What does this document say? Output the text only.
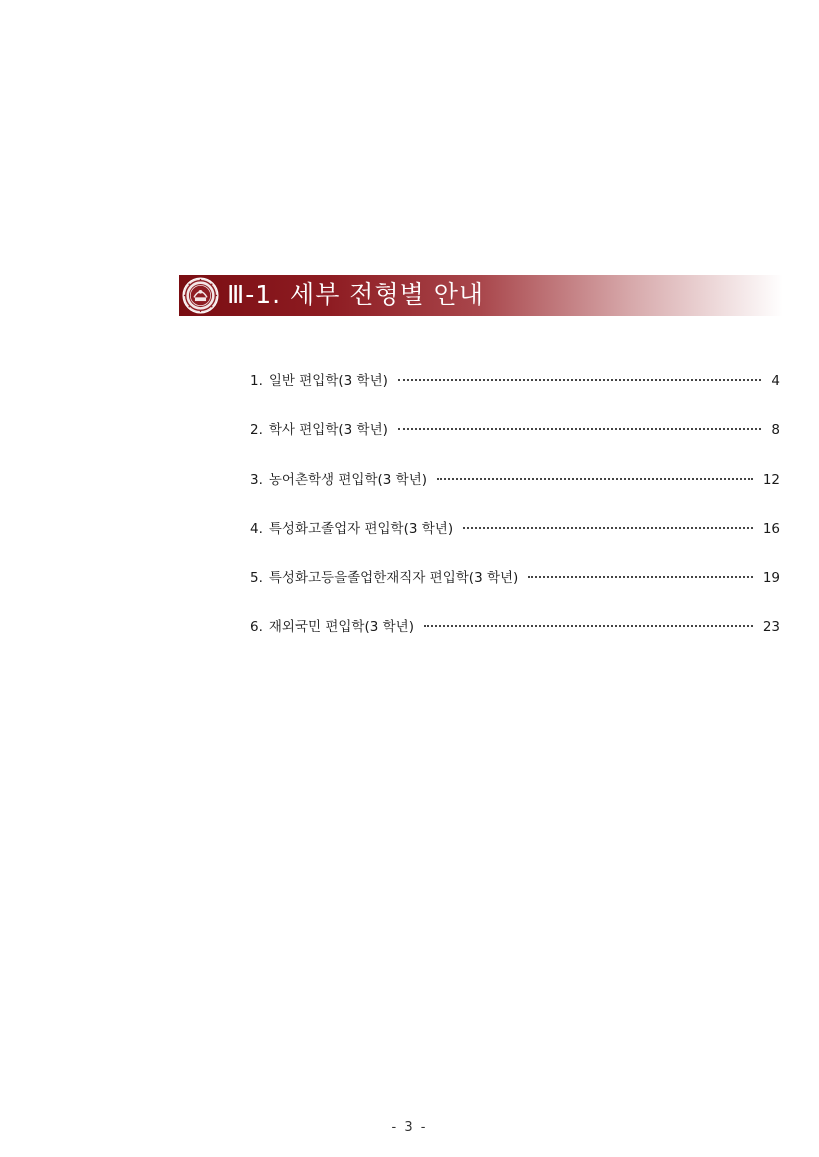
Ⅲ-1. 세부 전형별 안내
1. 일반 편입학(3 학년)	4
2. 학사 편입학(3 학년)	8
3. 농어촌학생 편입학(3 학년)	12
4. 특성화고졸업자 편입학(3 학년)	16
5. 특성화고등을졸업한재직자 편입학(3 학년)	19
6. 재외국민 편입학(3 학년)	23
- 3 -
